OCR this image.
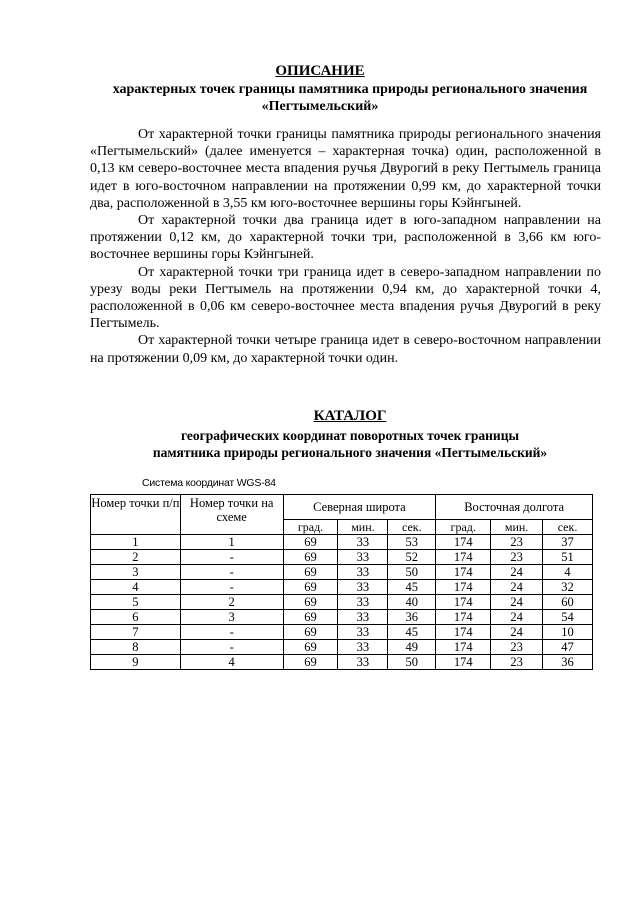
ОПИСАНИЕ
характерных точек границы памятника природы регионального значения
«Пегтымельский»

От характерной точки границы памятника природы регионального значения «Пегтымельский» (далее именуется – характерная точка) один, расположенной в 0,13 км северо-восточнее места впадения ручья Двурогий в реку Пегтымель граница идет в юго-восточном направлении на протяжении 0,99 км, до характерной точки два, расположенной в 3,55 км юго-восточнее вершины горы Кэйнгыней.

От характерной точки два граница идет в юго-западном направлении на протяжении 0,12 км, до характерной точки три, расположенной в 3,66 км юго-восточнее вершины горы Кэйнгыней.

От характерной точки три граница идет в северо-западном направлении по урезу воды реки Пегтымель на протяжении 0,94 км, до характерной точки 4, расположенной в 0,06 км северо-восточнее места впадения ручья Двурогий в реку Пегтымель.

От характерной точки четыре граница идет в северо-восточном направлении на протяжении 0,09 км, до характерной точки один.

КАТАЛОГ
географических координат поворотных точек границы
памятника природы регионального значения «Пегтымельский»
Система координат WGS-84
Номер точки п/п	Номер точки на схеме	Северная широта			Восточная долгота		
		град.	мин.	сек.	град.	мин.	сек.
1	1	69	33	53	174	23	37
2	-	69	33	52	174	23	51
3	-	69	33	50	174	24	4
4	-	69	33	45	174	24	32
5	2	69	33	40	174	24	60
6	3	69	33	36	174	24	54
7	-	69	33	45	174	24	10
8	-	69	33	49	174	23	47
9	4	69	33	50	174	23	36
